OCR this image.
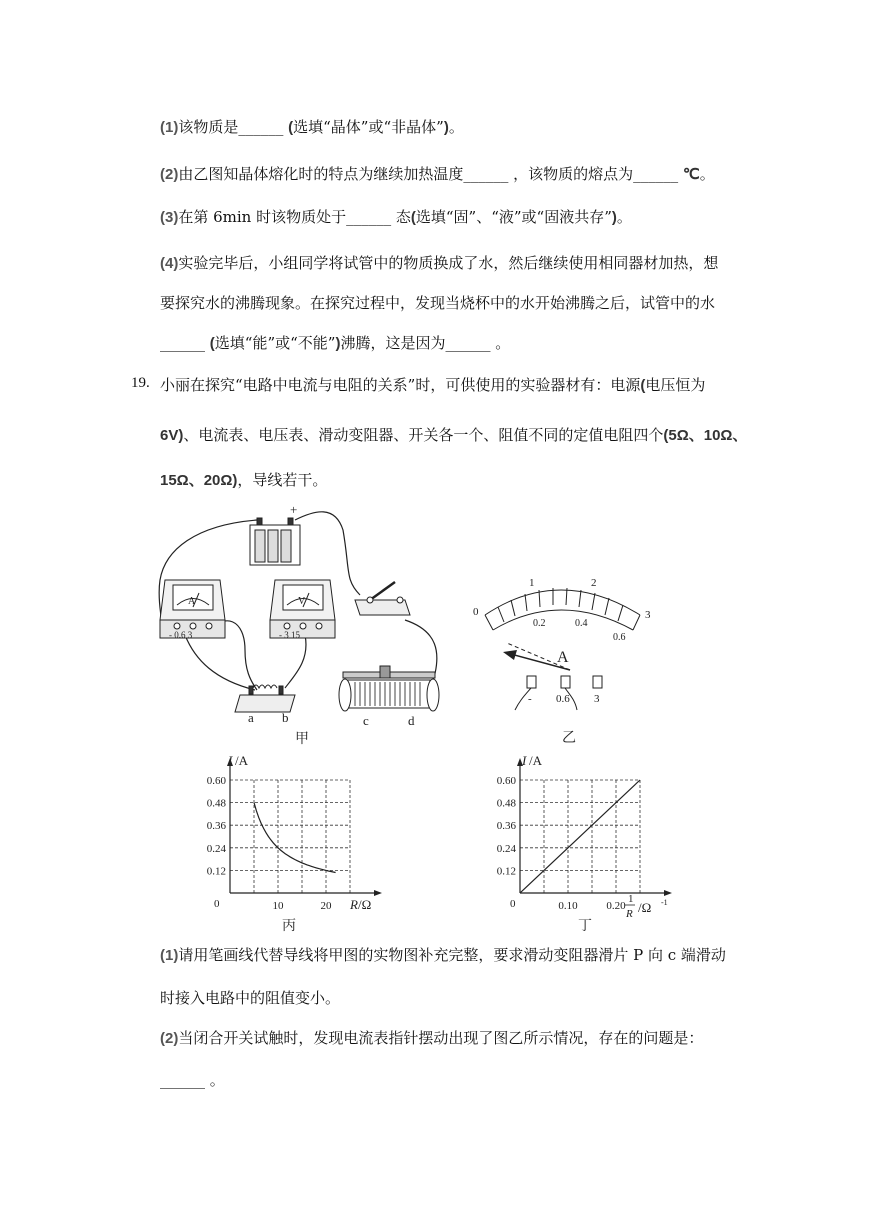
(1)该物质是______ (选填“晶体”或“非晶体”)。
(2)由乙图知晶体熔化时的特点为继续加热温度______ ，该物质的熔点为______ ℃。
(3)在第 6min 时该物质处于______ 态(选填“固”、“液”或“固液共存”)。
(4)实验完毕后，小组同学将试管中的物质换成了水，然后继续使用相同器材加热，想
要探究水的沸腾现象。在探究过程中，发现当烧杯中的水开始沸腾之后，试管中的水
______ (选填“能”或“不能”)沸腾，这是因为______ 。
19. 小丽在探究“电路中电流与电阻的关系”时，可供使用的实验器材有：电源(电压恒为
6V)、电流表、电压表、滑动变阻器、开关各一个、阻值不同的定值电阻四个(5Ω、10Ω、
15Ω、20Ω)，导线若干。
+
A
- 0.6 3
V
- 3 15
a b	c	d
甲
0
1	2
3
0.2	0.4
0.6
A
- 0.6 3
乙
0.12
0.24
0.36
0.48
0.60
10	20
I /A
R /Ω
0
丙
0.12
0.24
0.36
0.48
0.60
0.10	0.20
I /A
1
R /Ω -1
0
丁
(1)请用笔画线代替导线将甲图的实物图补充完整，要求滑动变阻器滑片 P 向 c 端滑动
时接入电路中的阻值变小。
(2)当闭合开关试触时，发现电流表指针摆动出现了图乙所示情况，存在的问题是：
______ 。
